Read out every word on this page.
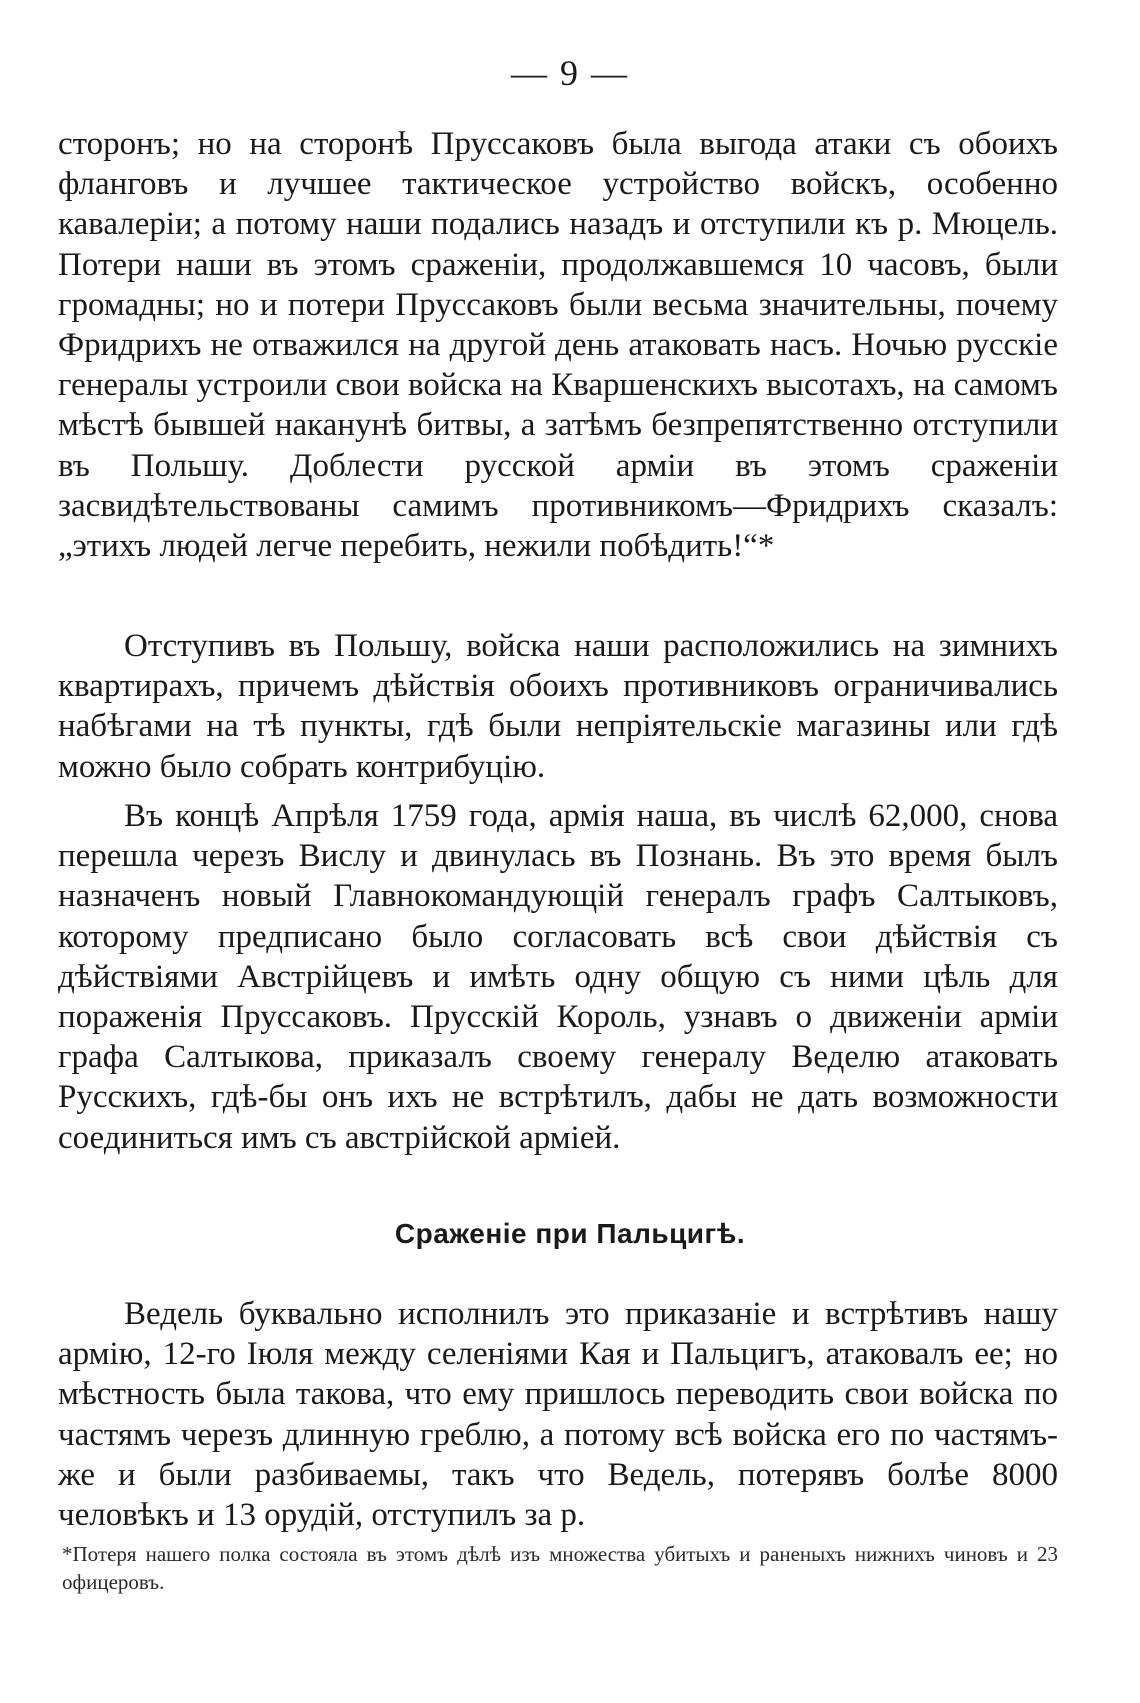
— 9 —

сторонъ; но на сторонѣ Пруссаковъ была выгода атаки съ обоихъ фланговъ и лучшее тактическое устройство войскъ, особенно кавалеріи; а потому наши подались назадъ и отступили къ р. Мюцель. Потери наши въ этомъ сраженіи, продолжавшемся 10 часовъ, были громадны; но и потери Пруссаковъ были весьма значительны, почему Фридрихъ не отважился на другой день атаковать насъ. Ночью русскіе генералы устроили свои войска на Кваршенскихъ высотахъ, на самомъ мѣстѣ бывшей наканунѣ битвы, а затѣмъ безпрепятственно отступили въ Польшу. Доблести русской арміи въ этомъ сраженіи засвидѣтельствованы самимъ противникомъ—Фридрихъ сказалъ: „этихъ людей легче перебить, нежили побѣдить!“*

Отступивъ въ Польшу, войска наши расположились на зимнихъ квартирахъ, причемъ дѣйствія обоихъ противниковъ ограничивались набѣгами на тѣ пункты, гдѣ были непріятельскіе магазины или гдѣ можно было собрать контрибуцію.

Въ концѣ Апрѣля 1759 года, армія наша, въ числѣ 62,000, снова перешла черезъ Вислу и двинулась въ Познань. Въ это время былъ назначенъ новый Главнокомандующій генералъ графъ Салтыковъ, которому предписано было согласовать всѣ свои дѣйствія съ дѣйствіями Австрійцевъ и имѣть одну общую съ ними цѣль для пораженія Пруссаковъ. Прусскій Король, узнавъ о движеніи арміи графа Салтыкова, приказалъ своему генералу Веделю атаковать Русскихъ, гдѣ-бы онъ ихъ не встрѣтилъ, дабы не дать возможности соединиться имъ съ австрійской арміей.

Сраженіе при Пальцигѣ.

Ведель буквально исполнилъ это приказаніе и встрѣтивъ нашу армію, 12-го Іюля между селеніями Кая и Пальцигъ, атаковалъ ее; но мѣстность была такова, что ему пришлось переводить свои войска по частямъ черезъ длинную греблю, а потому всѣ войска его по частямъ-же и были разбиваемы, такъ что Ведель, потерявъ болѣе 8000 человѣкъ и 13 орудій, отступилъ за р.

*Потеря нашего полка состояла въ этомъ дѣлѣ изъ множества убитыхъ и раненыхъ нижнихъ чиновъ и 23 офицеровъ.
